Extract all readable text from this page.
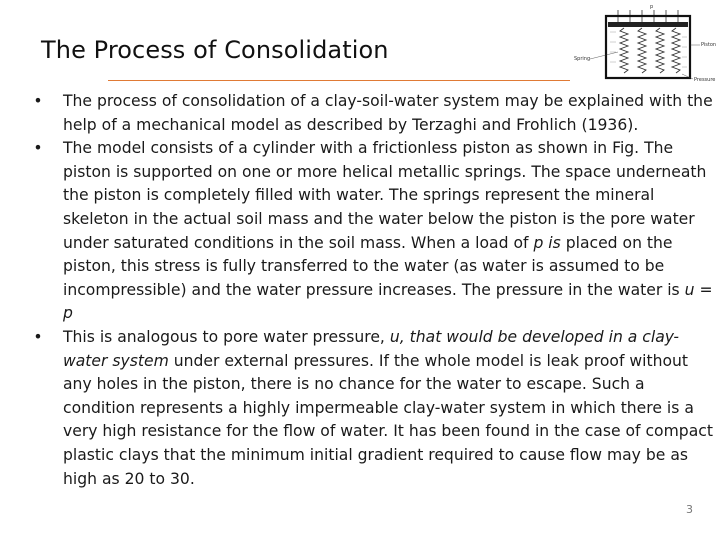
The Process of Consolidation
p
Spring
Piston
Pressure
•	The process of consolidation of a clay-soil-water system may be explained with the help of a mechanical model as described by Terzaghi and Frohlich (1936).
•	The model consists of a cylinder with a frictionless piston as shown in Fig. The piston is supported on one or more helical metallic springs. The space underneath the piston is completely filled with water. The springs represent the mineral skeleton in the actual soil mass and the water below the piston is the pore water under saturated conditions in the soil mass. When a load of p is placed on the piston, this stress is fully transferred to the water (as water is assumed to be incompressible) and the water pressure increases. The pressure in the water is u = p
•	This is analogous to pore water pressure, u, that would be developed in a clay-water system under external pressures. If the whole model is leak proof without any holes in the piston, there is no chance for the water to escape. Such a condition represents a highly impermeable clay-water system in which there is a very high resistance for the flow of water. It has been found in the case of compact plastic clays that the minimum initial gradient required to cause flow may be as high as 20 to 30.
3
